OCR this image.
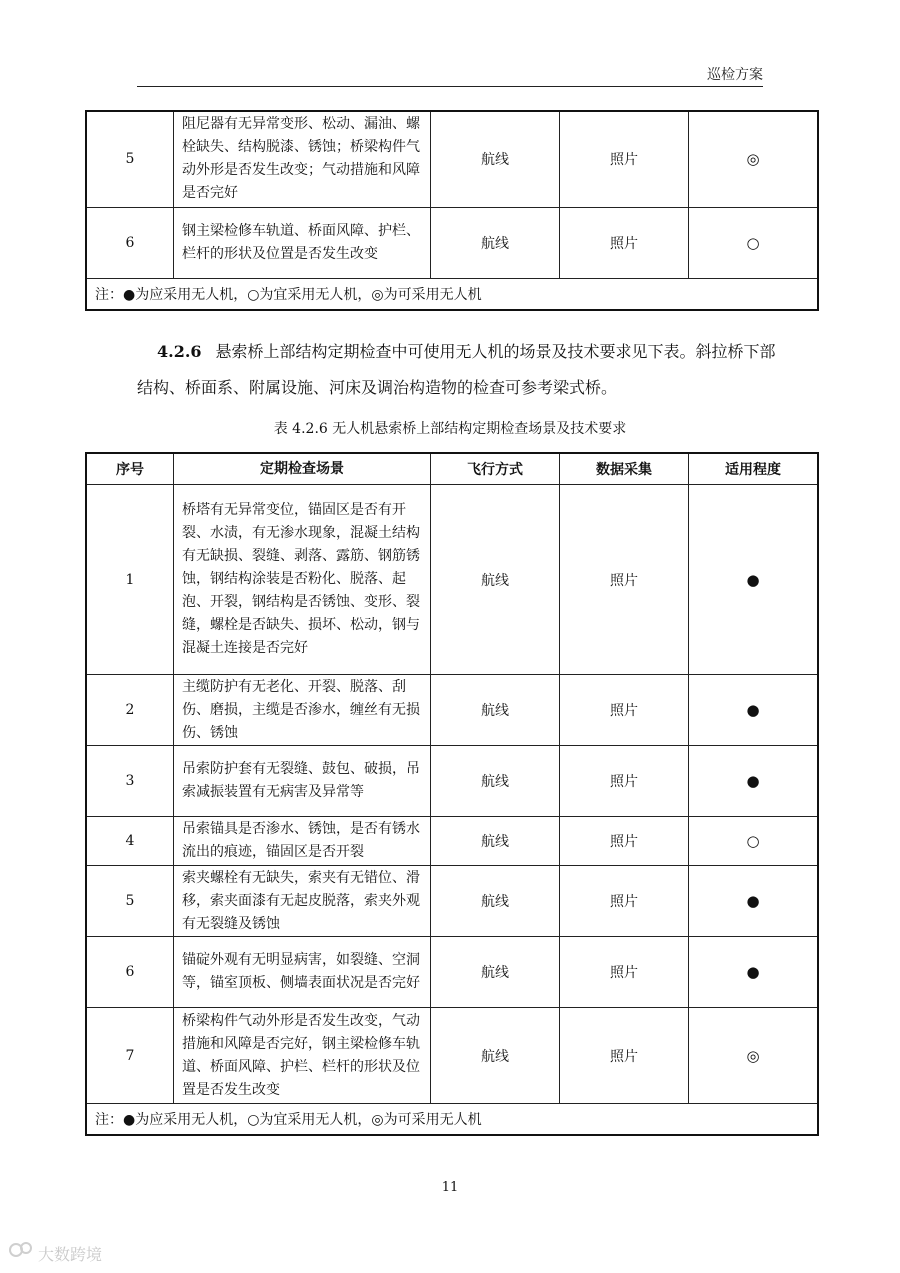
巡检方案
5	阻尼器有无异常变形、松动、漏油、螺栓缺失、结构脱漆、锈蚀；桥梁构件气动外形是否发生改变；气动措施和风障是否完好	航线	照片	◎
6	钢主梁检修车轨道、桥面风障、护栏、栏杆的形状及位置是否发生改变	航线	照片	○
注：●为应采用无人机，○为宜采用无人机，◎为可采用无人机				
4.2.6 悬索桥上部结构定期检查中可使用无人机的场景及技术要求见下表。斜拉桥下部结构、桥面系、附属设施、河床及调治构造物的检查可参考梁式桥。
表 4.2.6 无人机悬索桥上部结构定期检查场景及技术要求
序号	定期检查场景	飞行方式	数据采集	适用程度
1	桥塔有无异常变位，锚固区是否有开裂、水渍，有无渗水现象，混凝土结构有无缺损、裂缝、剥落、露筋、钢筋锈蚀，钢结构涂装是否粉化、脱落、起泡、开裂，钢结构是否锈蚀、变形、裂缝，螺栓是否缺失、损坏、松动，钢与混凝土连接是否完好	航线	照片	●
2	主缆防护有无老化、开裂、脱落、刮伤、磨损，主缆是否渗水，缠丝有无损伤、锈蚀	航线	照片	●
3	吊索防护套有无裂缝、鼓包、破损，吊索减振装置有无病害及异常等	航线	照片	●
4	吊索锚具是否渗水、锈蚀，是否有锈水流出的痕迹，锚固区是否开裂	航线	照片	○
5	索夹螺栓有无缺失，索夹有无错位、滑移，索夹面漆有无起皮脱落，索夹外观有无裂缝及锈蚀	航线	照片	●
6	锚碇外观有无明显病害，如裂缝、空洞等，锚室顶板、侧墙表面状况是否完好	航线	照片	●
7	桥梁构件气动外形是否发生改变，气动措施和风障是否完好，钢主梁检修车轨道、桥面风障、护栏、栏杆的形状及位置是否发生改变	航线	照片	◎
注：●为应采用无人机，○为宜采用无人机，◎为可采用无人机				
11
大数跨境
